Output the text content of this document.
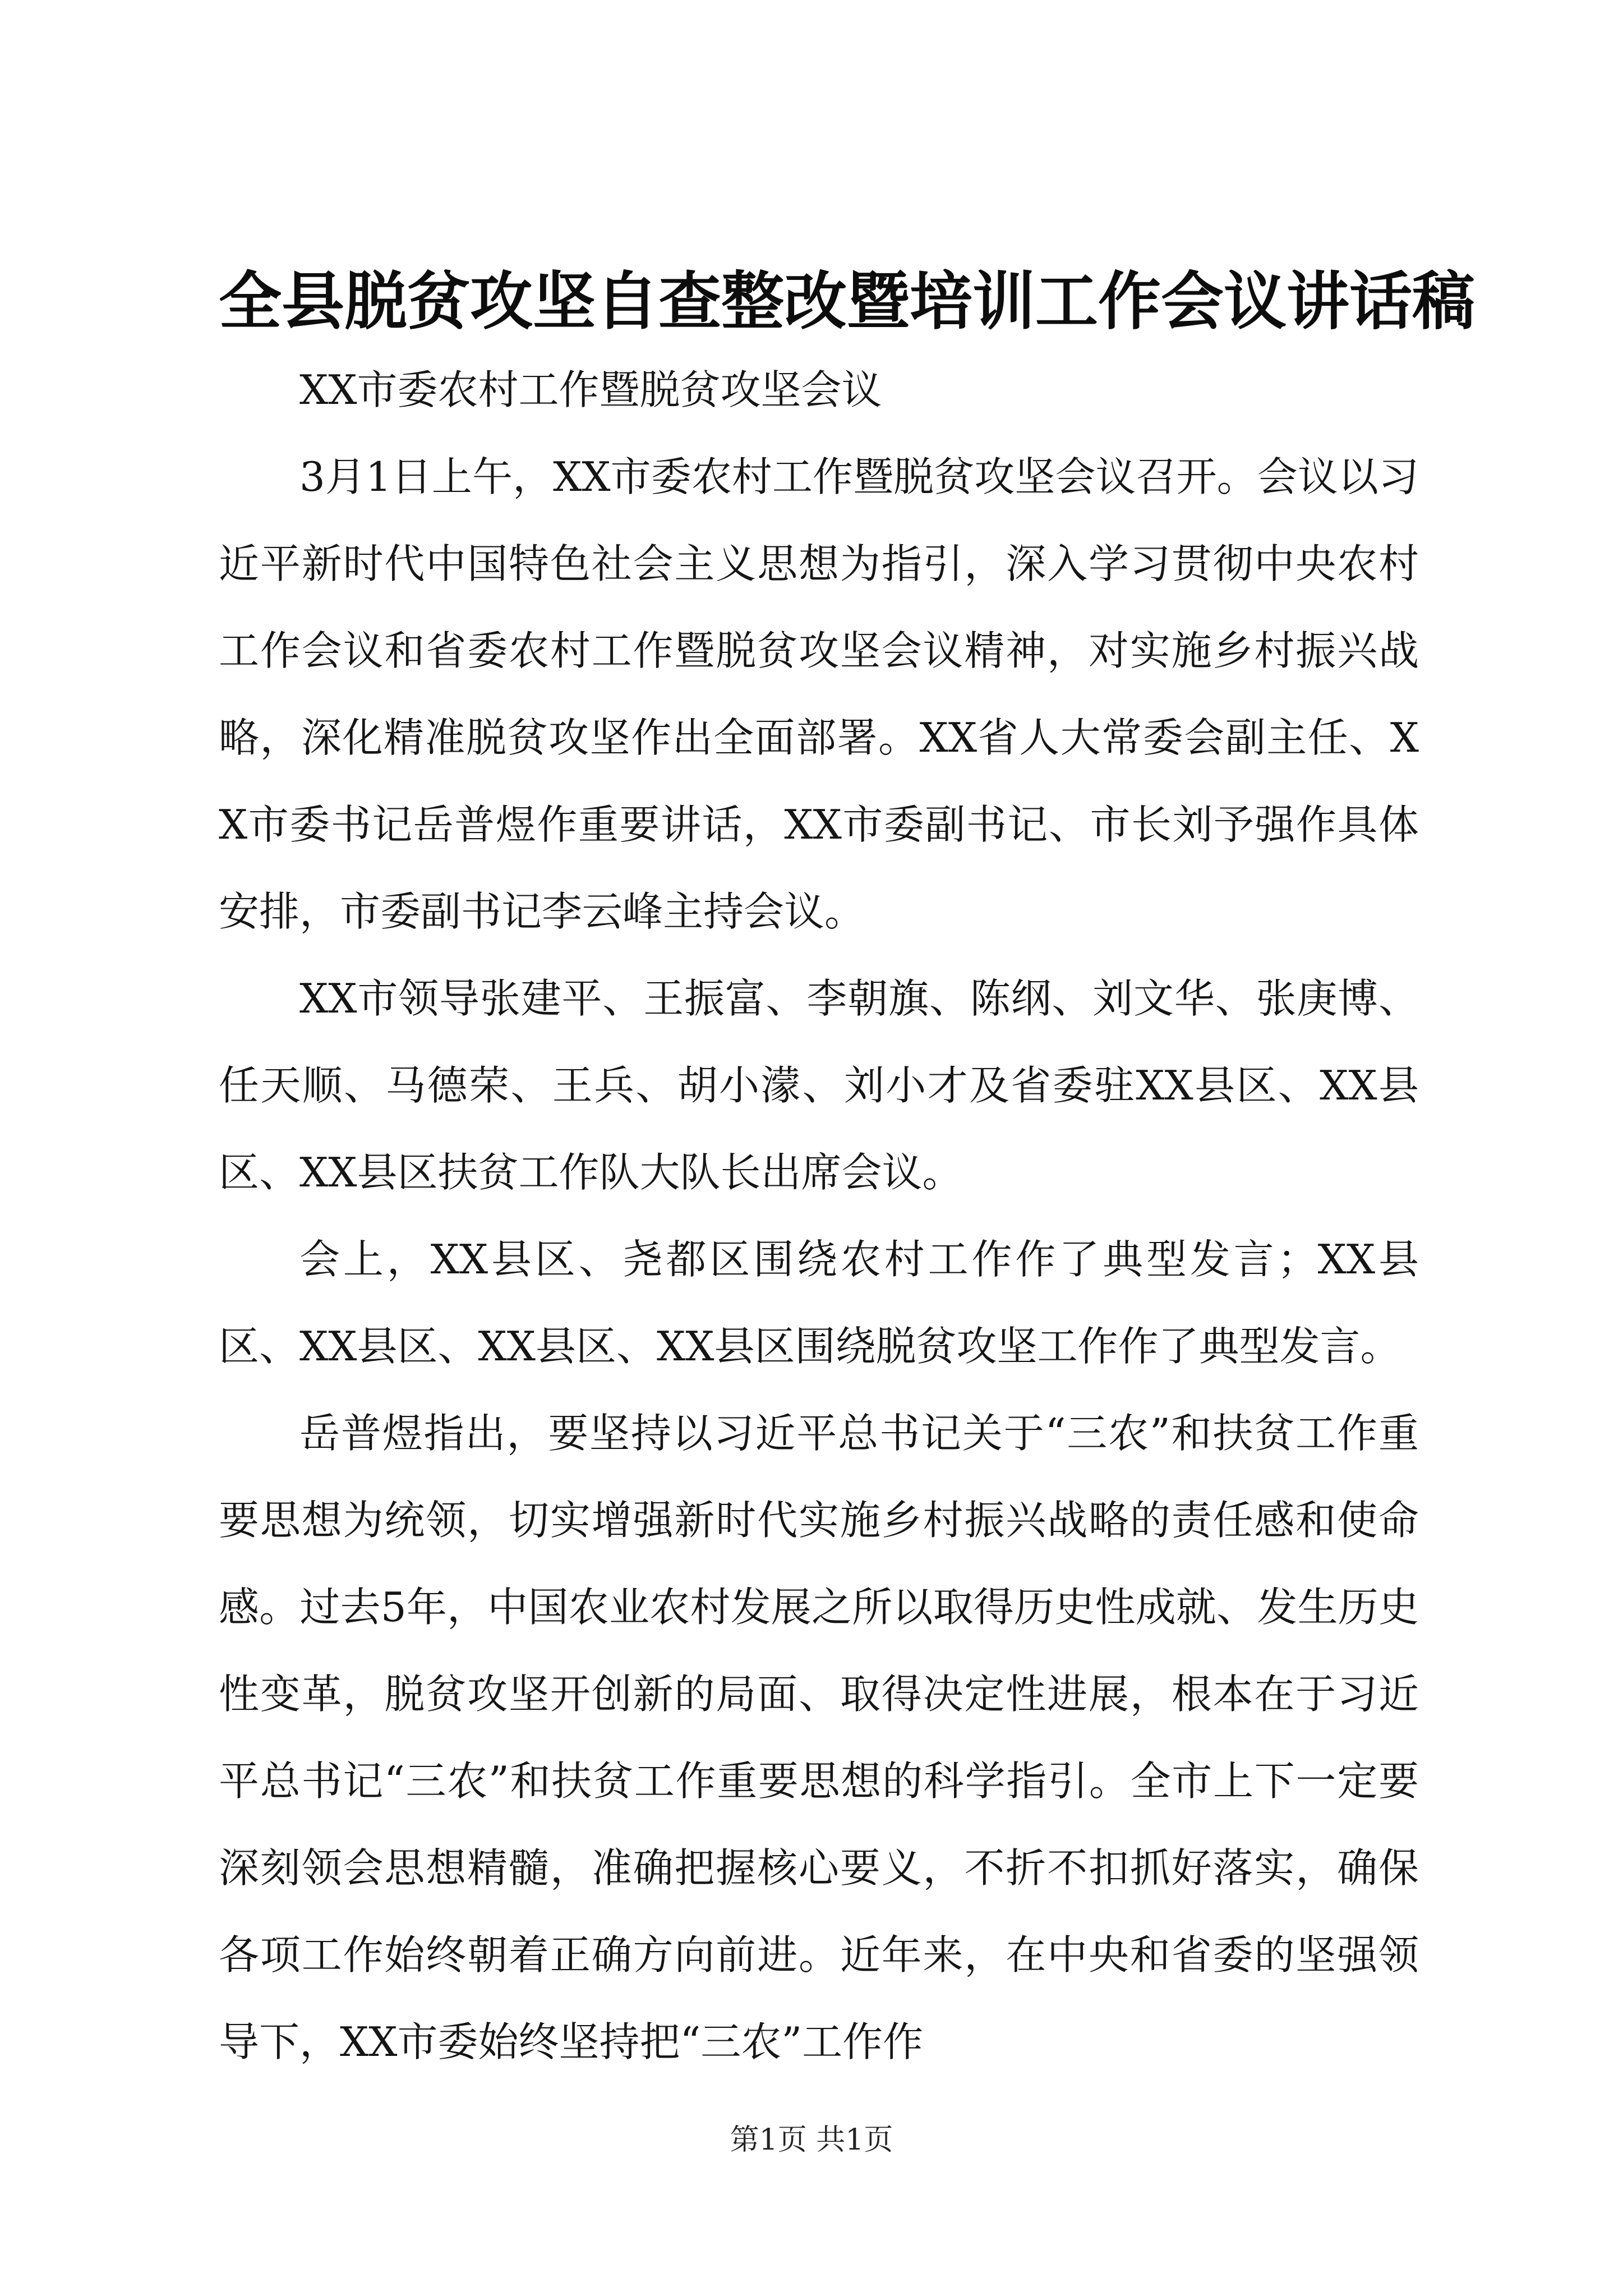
全县脱贫攻坚自查整改暨培训工作会议讲话稿

XX市委农村工作暨脱贫攻坚会议

3月1日上午，XX市委农村工作暨脱贫攻坚会议召开。会议以习近平新时代中国特色社会主义思想为指引，深入学习贯彻中央农村工作会议和省委农村工作暨脱贫攻坚会议精神，对实施乡村振兴战略，深化精准脱贫攻坚作出全面部署。XX省人大常委会副主任、XX市委书记岳普煜作重要讲话，XX市委副书记、市长刘予强作具体安排，市委副书记李云峰主持会议。

XX市领导张建平、王振富、李朝旗、陈纲、刘文华、张庚博、任天顺、马德荣、王兵、胡小濛、刘小才及省委驻XX县区、XX县区、XX县区扶贫工作队大队长出席会议。

会上，XX县区、尧都区围绕农村工作作了典型发言；XX县区、XX县区、XX县区、XX县区围绕脱贫攻坚工作作了典型发言。

岳普煜指出，要坚持以习近平总书记关于“三农”和扶贫工作重要思想为统领，切实增强新时代实施乡村振兴战略的责任感和使命感。过去5年，中国农业农村发展之所以取得历史性成就、发生历史性变革，脱贫攻坚开创新的局面、取得决定性进展，根本在于习近平总书记“三农”和扶贫工作重要思想的科学指引。全市上下一定要深刻领会思想精髓，准确把握核心要义，不折不扣抓好落实，确保各项工作始终朝着正确方向前进。近年来，在中央和省委的坚强领导下，XX市委始终坚持把“三农”工作作

第1页 共1页
